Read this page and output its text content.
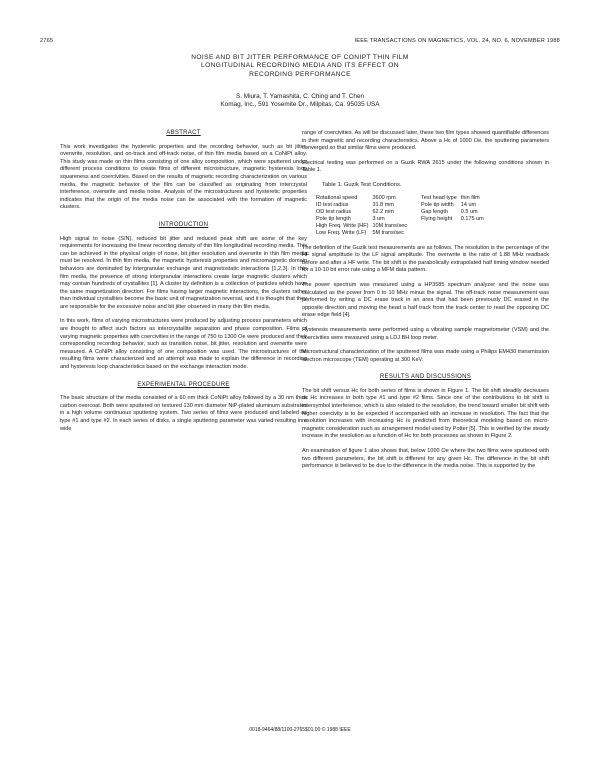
2765	IEEE TRANSACTIONS ON MAGNETICS, VOL. 24, NO. 6, NOVEMBER 1988
NOISE AND BIT JITTER PERFORMANCE OF CONIPT THIN FILM
LONGITUDINAL RECORDING MEDIA AND ITS EFFECT ON
RECORDING PERFORMANCE
S. Miura, T. Yamashita, C. Ching and T. Chen
Komag, Inc., 591 Yosemite Dr., Milpitas, Ca. 95035 USA
ABSTRACT

This work investigates the hysteretic properties and the recording behavior, such as bit jitter, overwrite, resolution, and on-track and off-track noise, of thin film media based on a CoNiPt alloy. This study was made on thin films consisting of one alloy composition, which were sputtered under different process conditions to create films of different microstructure, magnetic hysteresis loop squareness and coercivities. Based on the results of magnetic recording characterization on various media, the magnetic behavior of the film can be classified as originating from intercrystal interference, overwrite and media noise. Analysis of the microstructures and hysteretic properties indicates that the origin of the media noise can be associated with the formation of magnetic clusters.

INTRODUCTION

High signal to noise (S/N), reduced bit jitter and reduced peak shift are some of the key requirements for increasing the linear recording density of thin film longitudinal recording media. This can be achieved in the physical origin of noise, bit jitter resolution and overwrite in thin film media must be resolved. In thin film media, the magnetic hysteresis properties and micromagnetic domain behaviors are dominated by intergranular exchange and magnetostatic interactions [1,2,3]. In thin film media, the presence of strong intergranular interactions create large magnetic clusters which may contain hundreds of crystallites [1]. A cluster by definition is a collection of particles which have the same magnetization direction. For films having larger magnetic interactions, the clusters rather than individual crystallites become the basic unit of magnetization reversal, and it is thought that they are responsible for the excessive noise and bit jitter observed in many thin film media.

In this work, films of varying microstructures were produced by adjusting process parameters which are thought to affect such factors as intercrystallite separation and phase composition. Films of varying magnetic properties with coercivities in the range of 750 to 1300 Oe were produced and their corresponding recording behavior, such as transition noise, bit jitter, resolution and overwrite were measured. A CoNiPt alloy consisting of one composition was used. The microstructures of the resulting films were characterized and an attempt was made to explain the difference in recording and hysteresis loop characteristics based on the exchange interaction mode.

EXPERIMENTAL PROCEDURE

The basic structure of the media consisted of a 60 nm thick CoNiPt alloy followed by a 30 nm thick carbon overcoat. Both were sputtered on textured 130 mm diameter NiP-plated aluminum substrates in a high volume continuous sputtering system. Two series of films were produced and labeled as type #1 and type #2. In each series of disks, a single sputtering parameter was varied resulting in a wide

range of coercivities. As will be discussed later, these two film types showed quantifiable differences in their magnetic and recording characteristics. Above a Hc of 1000 Oe, the sputtering parameters converged so that similar films were produced.

Electrical testing was performed on a Guzik RWA 2615 under the following conditions shown in Table 1.

Table 1. Guzik Test Conditions.
Rotational speed	3600 rpm	Test head type	thin film
ID test radius	31.8 mm	Pole tip width	14 um
OD test radius	62.2 mm	Gap length	0.5 um
Pole tip length	3 um	Flying height	0.175 um
High Freq. Write (HF)	10M trans/sec		
Low Freq. Write (LF)	5M trans/sec		

The definition of the Guzik test measurements are as follows. The resolution is the percentage of the HF signal amplitude to the LF signal amplitude. The overwrite is the ratio of 1.88 MHz readback before and after a HF write. The bit shift is the parabolically extrapolated half timing window needed for a 10-10 bit error rate using a MFM data pattern.

The power spectrum was measured using a HP3585 spectrum analyzer and the noise was calculated as the power from 0 to 10 MHz minus the signal. The off-track noise measurement was performed by writing a DC erase track in an area that had been previously DC erased in the opposite direction and moving the head a half track from the track center to read the opposing DC erase edge field [4].

Hysteresis measurements were performed using a vibrating sample magnetometer (VSM) and the coercivities were measured using a LDJ BH loop meter.

Microstructural characterization of the sputtered films was made using a Philips EM430 transmission electron microscope (TEM) operating at 300 KeV.

RESULTS AND DISCUSSIONS

The bit shift versus Hc for both series of films is shown in Figure 1. The bit shift steadily decreases as Hc increases in both type #1 and type #2 films. Since one of the contributions to bit shift is intersymbol interference, which is also related to the resolution, the trend toward smaller bit shift with higher coercivity is to be expected if accompanied with an increase in resolution. The fact that the resolution increases with increasing Hc is predicted from theoretical modeling based on micro-magnetic consideration such as arrangement model used by Potter [5]. This is verified by the steady increase in the resolution as a function of Hc for both processes as shown in Figure 2.

An examination of figure 1 also shows that, below 1000 Oe where the two films were sputtered with two different parameters, the bit shift is different for any given Hc. The difference in the bit shift performance is believed to be due to the difference in the media noise. This is supported by the

0018-9464/88/1100-2765$01.00 © 1988 IEEE
